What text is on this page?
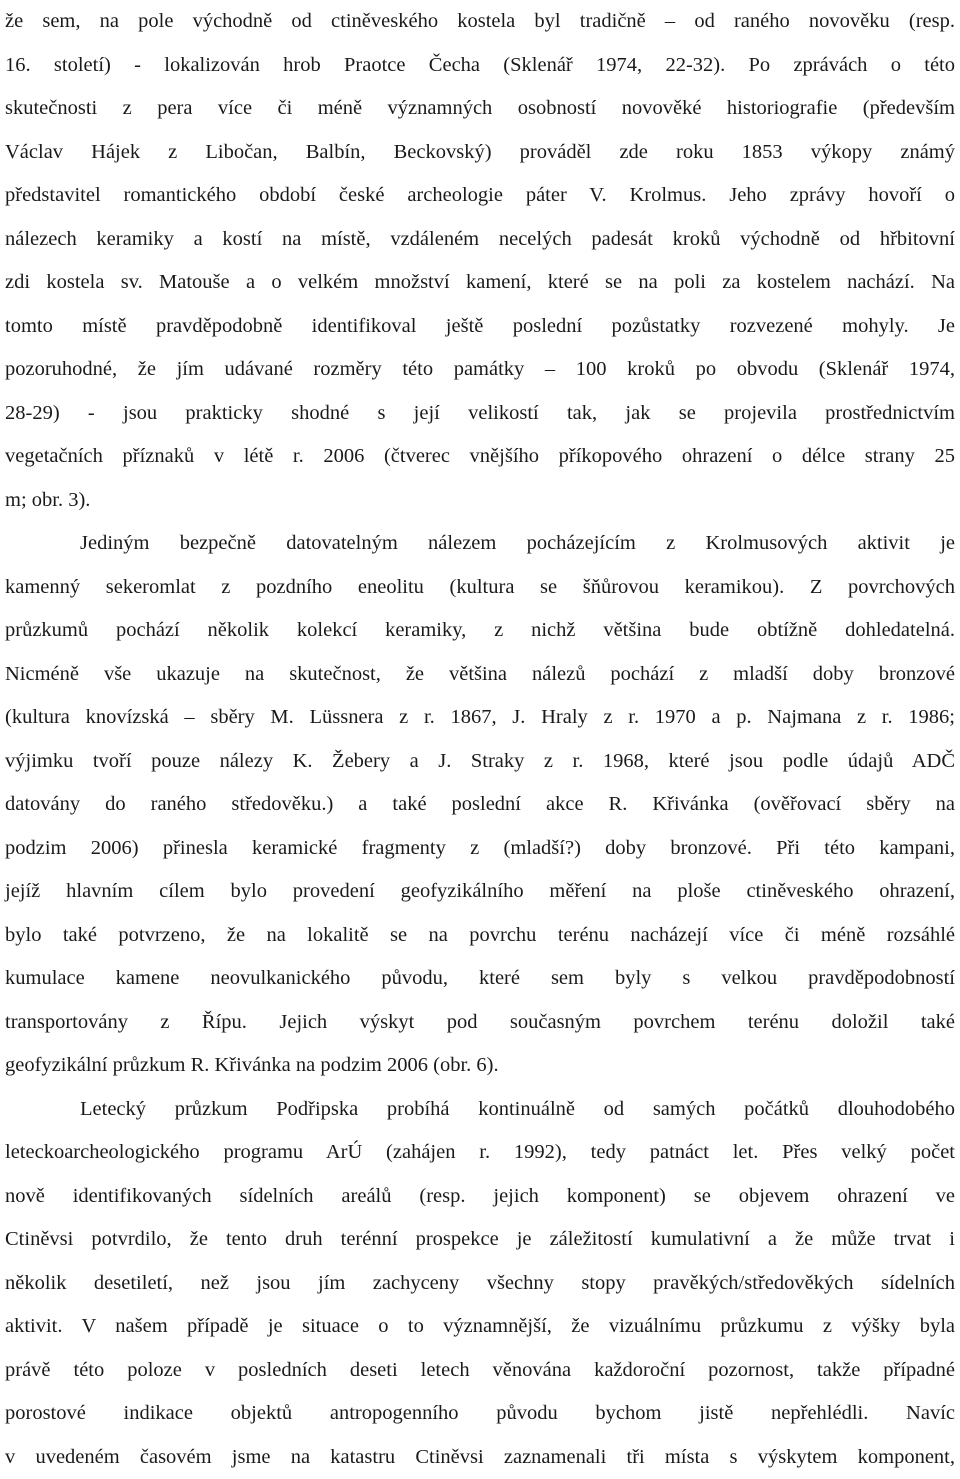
že sem, na pole východně od ctiněveského kostela byl tradičně – od raného novověku (resp.
16. století) - lokalizován hrob Praotce Čecha (Sklenář 1974, 22-32). Po zprávách o této
skutečnosti z pera více či méně významných osobností novověké historiografie (především
Václav Hájek z Libočan, Balbín, Beckovský) prováděl zde roku 1853 výkopy známý
představitel romantického období české archeologie páter V. Krolmus. Jeho zprávy hovoří o
nálezech keramiky a kostí na místě, vzdáleném necelých padesát kroků východně od hřbitovní
zdi kostela sv. Matouše a o velkém množství kamení, které se na poli za kostelem nachází. Na
tomto místě pravděpodobně identifikoval ještě poslední pozůstatky rozvezené mohyly. Je
pozoruhodné, že jím udávané rozměry této památky – 100 kroků po obvodu (Sklenář 1974,
28-29) - jsou prakticky shodné s její velikostí tak, jak se projevila prostřednictvím
vegetačních příznaků v létě r. 2006 (čtverec vnějšího příkopového ohrazení o délce strany 25
m; obr. 3).

Jediným bezpečně datovatelným nálezem pocházejícím z Krolmusových aktivit je
kamenný sekeromlat z pozdního eneolitu (kultura se šňůrovou keramikou). Z povrchových
průzkumů pochází několik kolekcí keramiky, z nichž většina bude obtížně dohledatelná.
Nicméně vše ukazuje na skutečnost, že většina nálezů pochází z mladší doby bronzové
(kultura knovízská – sběry M. Lüssnera z r. 1867, J. Hraly z r. 1970 a p. Najmana z r. 1986;
výjimku tvoří pouze nálezy K. Žebery a J. Straky z r. 1968, které jsou podle údajů ADČ
datovány do raného středověku.) a také poslední akce R. Křivánka (ověřovací sběry na
podzim 2006) přinesla keramické fragmenty z (mladší?) doby bronzové. Při této kampani,
jejíž hlavním cílem bylo provedení geofyzikálního měření na ploše ctiněveského ohrazení,
bylo také potvrzeno, že na lokalitě se na povrchu terénu nacházejí více či méně rozsáhlé
kumulace kamene neovulkanického původu, které sem byly s velkou pravděpodobností
transportovány z Řípu. Jejich výskyt pod současným povrchem terénu doložil také
geofyzikální průzkum R. Křivánka na podzim 2006 (obr. 6).

Letecký průzkum Podřipska probíhá kontinuálně od samých počátků dlouhodobého
leteckoarcheologického programu ArÚ (zahájen r. 1992), tedy patnáct let. Přes velký počet
nově identifikovaných sídelních areálů (resp. jejich komponent) se objevem ohrazení ve
Ctiněvsi potvrdilo, že tento druh terénní prospekce je záležitostí kumulativní a že může trvat i
několik desetiletí, než jsou jím zachyceny všechny stopy pravěkých/středověkých sídelních
aktivit. V našem případě je situace o to významnější, že vizuálnímu průzkumu z výšky byla
právě této poloze v posledních deseti letech věnována každoroční pozornost, takže případné
porostové indikace objektů antropogenního původu bychom jistě nepřehlédli. Navíc
v uvedeném časovém jsme na katastru Ctiněvsi zaznamenali tři místa s výskytem komponent,
